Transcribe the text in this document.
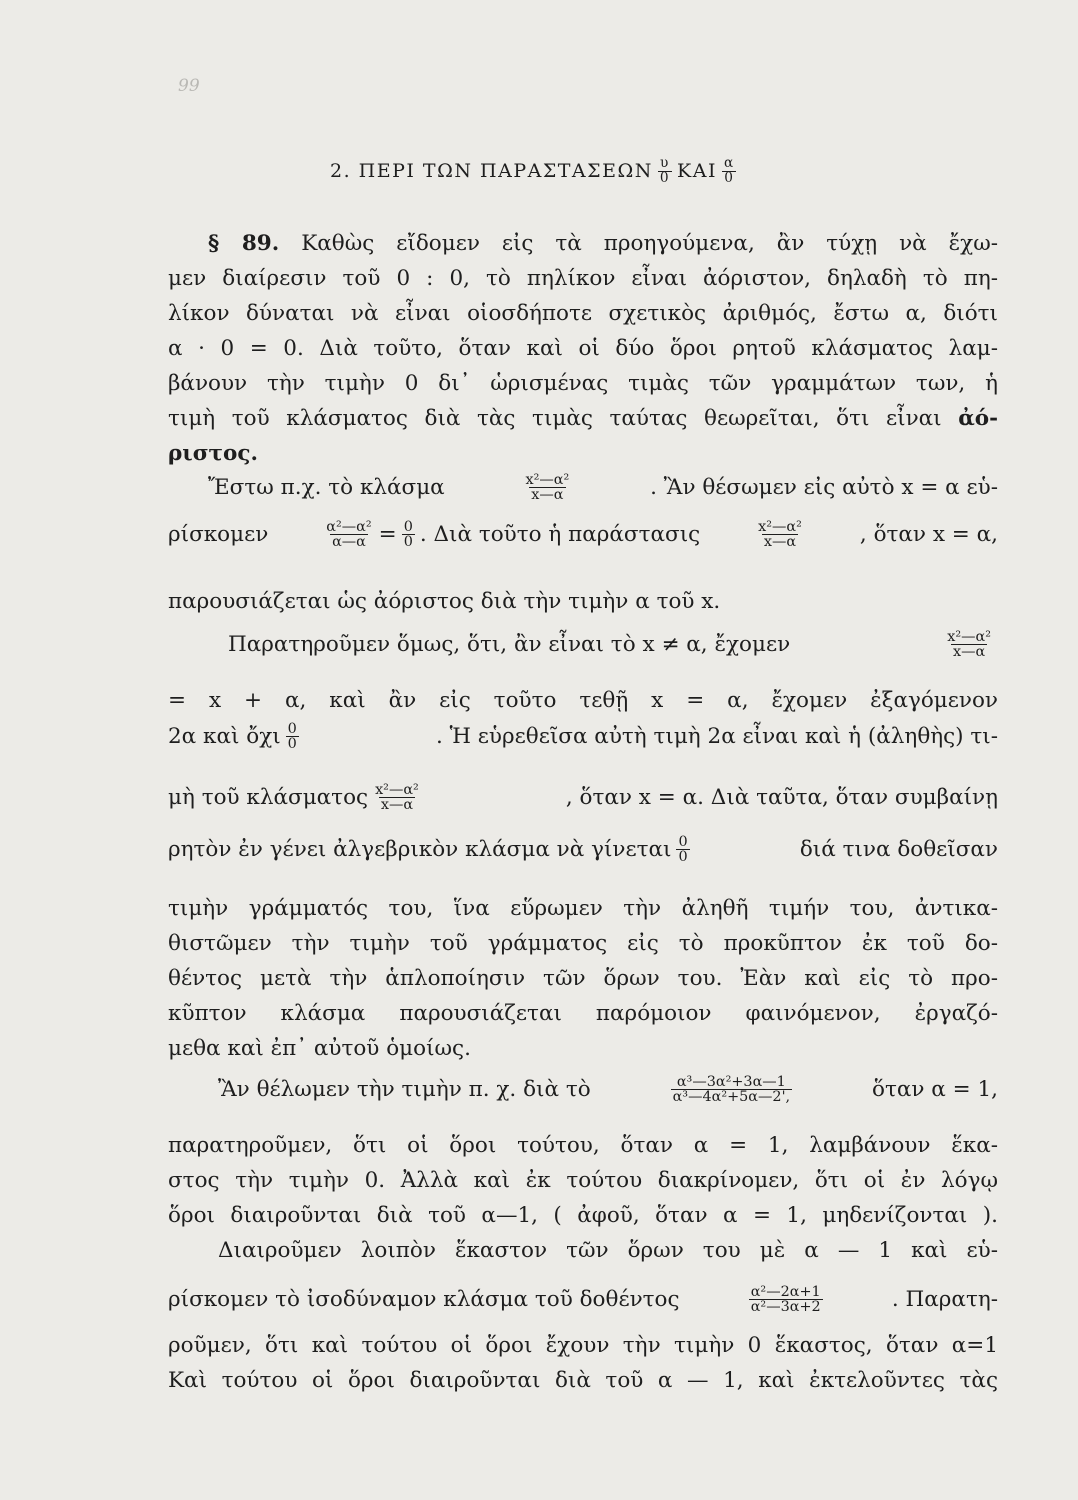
99
2. ΠΕΡΙ ΤΩΝ ΠΑΡΑΣΤΑΣΕΩΝ $\frac{\upsilon}{0}$ ΚΑΙ $\frac{\alpha}{0}$
§ 89. Καθὼς εἴδομεν εἰς τὰ προηγούμενα, ἂν τύχῃ νὰ ἔχω-
μεν διαίρεσιν τοῦ 0 : 0, τὸ πηλίκον εἶναι ἀόριστον, δηλαδὴ τὸ πη-
λίκον δύναται νὰ εἶναι οἱοσδήποτε σχετικὸς ἀριθμός, ἔστω α, διότι
α · 0 = 0. Διὰ τοῦτο, ὅταν καὶ οἱ δύο ὅροι ρητοῦ κλάσματος λαμ-
βάνουν τὴν τιμὴν 0 δι᾽ ὡρισμένας τιμὰς τῶν γραμμάτων των, ἡ
τιμὴ τοῦ κλάσματος διὰ τὰς τιμὰς ταύτας θεωρεῖται, ὅτι εἶναι ἀό-
ριστος.
Ἔστω π.χ. τὸ κλάσμα	$\frac{\text{x²—α²}}{x—\alpha}$	. Ἂν θέσωμεν εἰς αὐτὸ x = α εὑ-
ρίσκομεν	$\frac{\text{α²—α²}}{\alpha—\alpha} = \frac{0}{0}$ . Διὰ τοῦτο ἡ παράστασις	$\frac{\text{x²—α²}}{x—\alpha}$	, ὅταν x = α,
παρουσιάζεται ὡς ἀόριστος διὰ τὴν τιμὴν α τοῦ x.
Παρατηροῦμεν ὅμως, ὅτι, ἂν εἶναι τὸ x ≠ α, ἔχομεν	$\frac{\text{x²—α²}}{x—\alpha}$
= x + α, καὶ ἂν εἰς τοῦτο τεθῇ x = α, ἔχομεν ἐξαγόμενον
2α καὶ ὄχι $\frac{0}{0}$	. Ἡ εὑρεθεῖσα αὐτὴ τιμὴ 2α εἶναι καὶ ἡ (ἀληθὴς) τι-
μὴ τοῦ κλάσματος $\frac{\text{x²—α²}}{x—\alpha}$	, ὅταν x = α. Διὰ ταῦτα, ὅταν συμβαίνῃ
ρητὸν ἐν γένει ἀλγεβρικὸν κλάσμα νὰ γίνεται $\frac{0}{0}$	διά τινα δοθεῖσαν
τιμὴν γράμματός του, ἵνα εὕρωμεν τὴν ἀληθῆ τιμήν του, ἀντικα-
θιστῶμεν τὴν τιμὴν τοῦ γράμματος εἰς τὸ προκῦπτον ἐκ τοῦ δο-
θέντος μετὰ τὴν ἁπλοποίησιν τῶν ὅρων του. Ἐὰν καὶ εἰς τὸ προ-
κῦπτον κλάσμα παρουσιάζεται παρόμοιον φαινόμενον, ἐργαζό-
μεθα καὶ ἐπ᾽ αὐτοῦ ὁμοίως.
Ἂν θέλωμεν τὴν τιμὴν π. χ. διὰ τὸ	$\frac{\text{α³—3α²+3α—1}}{\text{α³—4α²+5α—2',}}$	ὅταν α = 1,
παρατηροῦμεν, ὅτι οἱ ὅροι τούτου, ὅταν α = 1, λαμβάνουν ἕκα-
στος τὴν τιμὴν 0. Ἀλλὰ καὶ ἐκ τούτου διακρίνομεν, ὅτι οἱ ἐν λόγῳ
ὅροι διαιροῦνται διὰ τοῦ α—1, ( ἀφοῦ, ὅταν α = 1, μηδενίζονται ).
Διαιροῦμεν λοιπὸν ἕκαστον τῶν ὅρων του μὲ α — 1 καὶ εὑ-
ρίσκομεν τὸ ἰσοδύναμον κλάσμα τοῦ δοθέντος	$\frac{\text{α²—2α+1}}{\text{α²—3α+2}}$	. Παρατη-
ροῦμεν, ὅτι καὶ τούτου οἱ ὅροι ἔχουν τὴν τιμὴν 0 ἕκαστος, ὅταν α=1
Καὶ τούτου οἱ ὅροι διαιροῦνται διὰ τοῦ α — 1, καὶ ἐκτελοῦντες τὰς
